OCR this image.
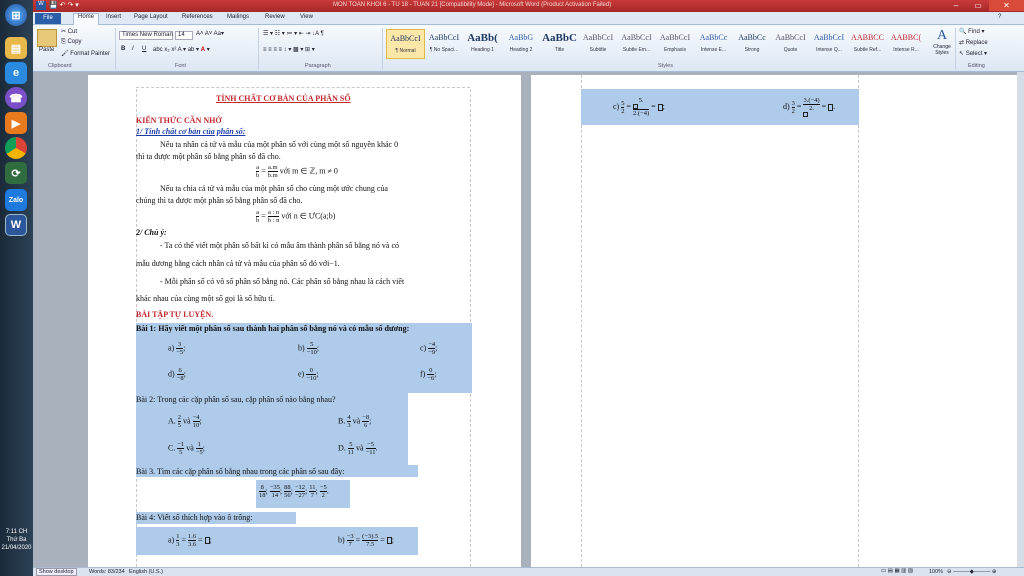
⊞
▤
e
☎
▶
⟳
Zalo
W
7:11 CH
Thứ Ba
21/04/2020
W 💾 ↶ ↷ ▾	MON TOAN KHOI 6 - TU 18 - TUAN 21 [Compatibility Mode] - Microsoft Word (Product Activation Failed)	–	▭	✕
File	Home	Insert Page Layout References Mailings	Review	View	?
Paste
✂ Cut
⎘ Copy
🖌 Format Painter
Clipboard
Times New Roman 14	A˄ A˅ Aa▾
B I U abc x₂ x² A ▾ ab ▾ A ▾
Font
☰ ▾ ☷ ▾ ≔ ▾ ⇤ ⇥ ↓A ¶
≡ ≡ ≡ ≡ ↕ ▾ ▩ ▾ ⊞ ▾
Paragraph
AaBbCcI
¶ Normal
AaBbCcI
¶ No Spaci...
AaBb(
Heading 1
AaBbG
Heading 2
AaBbC
Title
AaBbCcI
Subtitle
AaBbCcI
Subtle Em...
AaBbCcI
Emphasis
AaBbCc
Intense E...
AaBbCc
Strong
AaBbCcI
Quote
AaBbCcI
Intense Q...
AABBCC
Subtle Ref...
AABBC(
Intense R...
Styles
A
Change Styles
🔍 Find ▾
⇄ Replace
↖ Select ▾
Editing
TÍNH CHẤT CƠ BẢN CỦA PHÂN SỐ
KIẾN THỨC CẦN NHỚ
1/ Tính chất cơ bản của phân số:
Nếu ta nhân cả tử và mẫu của một phân số với cùng một số nguyên khác 0
thì ta được một phân số bằng phân số đã cho.
$\frac{a}{b} = \frac{a.m}{b.m}$ với m ∈ ℤ, m ≠ 0
Nếu ta chia cả tử và mẫu của một phân số cho cùng một ước chung của
chúng thì ta được một phân số bằng phân số đã cho.
$\frac{a}{b} = \frac{a : n}{b : n}$ với n ∈ ƯC(a;b)
2/ Chú ý:
- Ta có thể viết một phân số bất kì có mẫu âm thành phân số bằng nó và có
mẫu dương bằng cách nhân cả tử và mẫu của phân số đó với−1.
- Mỗi phân số có vô số phân số bằng nó. Các phân số bằng nhau là cách viết
khác nhau của cùng một số gọi là số hữu tỉ.
BÀI TẬP TỰ LUYỆN.
Bài 1: Hãy viết một phân số sau thành hai phân số bằng nó và có mẫu số dương:
$a) \frac{3}{-5}$ ;	$b) \frac{5}{-10}$ ;	$c) \frac{-4}{-9}$ ;
$d) \frac{6}{-8}$ ;	$e) \frac{0}{-10}$ ;	$f) \frac{0}{-6}$ ;
Bài 2: Trong các cặp phân số sau, cặp phân số nào bằng nhau?
A. $\frac{2}{5}$ và $\frac{-4}{10}$ ;	B. $\frac{4}{3}$ và $\frac{-8}{6}$ ;
C. $\frac{-1}{5}$ và $\frac{1}{-5}$ ;	D. $\frac{5}{11}$ và $\frac{-5}{-11}$ .
Bài 3. Tìm các cặp phân số bằng nhau trong các phân số sau đây:
$\frac{8}{18}$ ; $\frac{-35}{14}$ ; $\frac{88}{56}$ ; $\frac{-12}{-27}$ ; $\frac{11}{7}$ ; $\frac{-5}{2}$ .
Bài 4: Viết số thích hợp vào ô trống:
$a) \frac{1}{3} = \frac{1.6}{3.6}$ = ;	$b) \frac{-3}{7} = \frac{(-3).5}{7.5}$ = ;
$c) \frac{5}{2} = \frac{5.}{2.(-4)}$ = ;	$d) \frac{3}{2} = \frac{3.(-4)}{2.}$ = .
Show desktop	Words: 83/234 English (U.S.)	▭ ▤ ▦ ▥ ▧	100% ⊖ ———◆——— ⊕
